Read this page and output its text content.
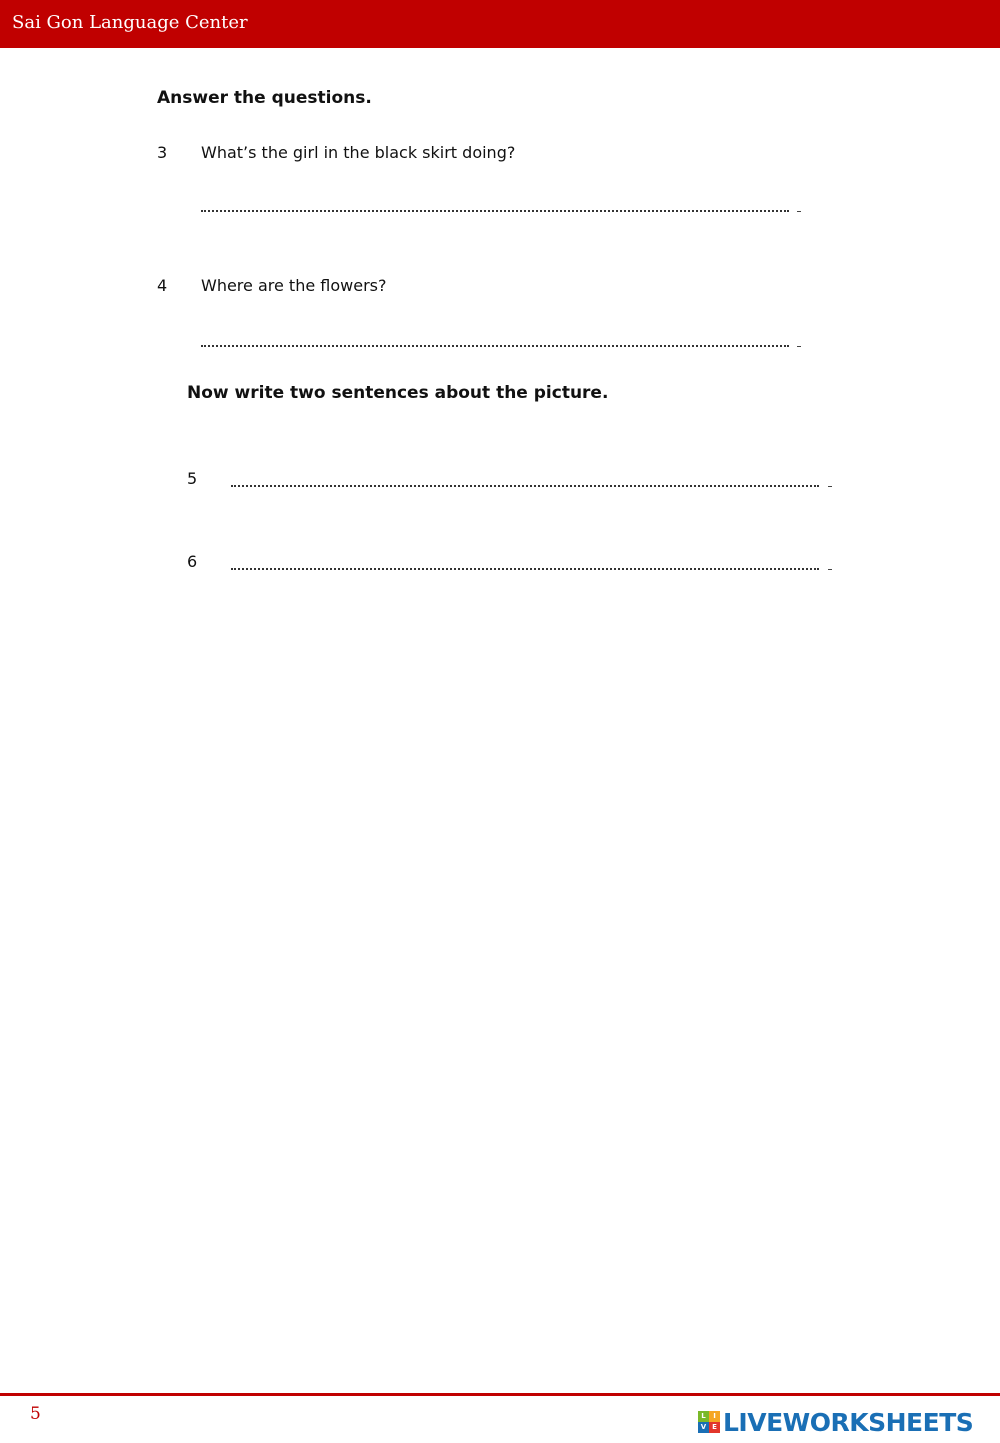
Sai Gon Language Center
Answer the questions.
3 What’s the girl in the black skirt doing?
4 Where are the flowers?
Now write two sentences about the picture.
5
6
5	L	I
V E LIVEWORKSHEETS
